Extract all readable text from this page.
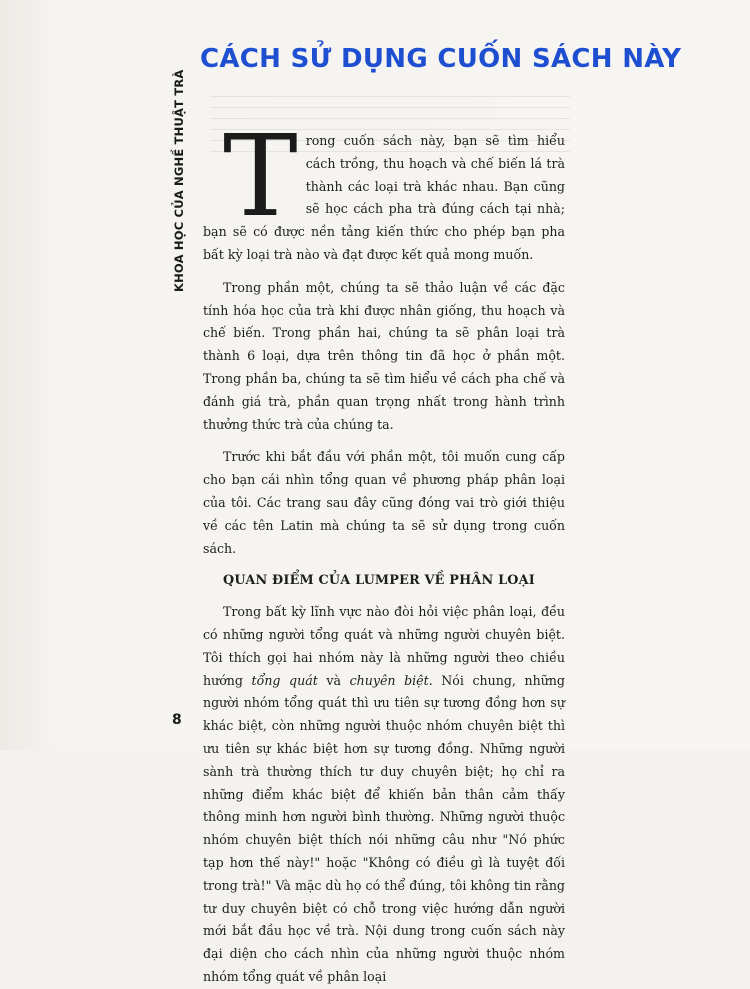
KHOA HỌC CỦA NGHỀ THUẬT TRÀ
CÁCH SỬ DỤNG CUỐN SÁCH NÀY
T rong cuốn sách này, bạn sẽ tìm hiểu cách trồng, thu hoạch và chế biến lá trà thành các loại trà khác nhau. Bạn cũng sẽ học cách pha trà đúng cách tại nhà; bạn sẽ có được nền tảng kiến thức cho phép bạn pha bất kỳ loại trà nào và đạt được kết quả mong muốn.

Trong phần một, chúng ta sẽ thảo luận về các đặc tính hóa học của trà khi được nhân giống, thu hoạch và chế biến. Trong phần hai, chúng ta sẽ phân loại trà thành 6 loại, dựa trên thông tin đã học ở phần một. Trong phần ba, chúng ta sẽ tìm hiểu về cách pha chế và đánh giá trà, phần quan trọng nhất trong hành trình thưởng thức trà của chúng ta.

Trước khi bắt đầu với phần một, tôi muốn cung cấp cho bạn cái nhìn tổng quan về phương pháp phân loại của tôi. Các trang sau đây cũng đóng vai trò giới thiệu về các tên Latin mà chúng ta sẽ sử dụng trong cuốn sách.

QUAN ĐIỂM CỦA LUMPER VỀ PHÂN LOẠI

Trong bất kỳ lĩnh vực nào đòi hỏi việc phân loại, đều có những người tổng quát và những người chuyên biệt. Tôi thích gọi hai nhóm này là những người theo chiều hướng tổng quát và chuyên biệt. Nói chung, những người nhóm tổng quát thì ưu tiên sự tương đồng hơn sự khác biệt, còn những người thuộc nhóm chuyên biệt thì ưu tiên sự khác biệt hơn sự tương đồng. Những người sành trà thường thích tư duy chuyên biệt; họ chỉ ra những điểm khác biệt để khiến bản thân cảm thấy thông minh hơn người bình thường. Những người thuộc nhóm chuyên biệt thích nói những câu như "Nó phức tạp hơn thế này!" hoặc "Không có điều gì là tuyệt đối trong trà!" Và mặc dù họ có thể đúng, tôi không tin rằng tư duy chuyên biệt có chỗ trong việc hướng dẫn người mới bắt đầu học về trà. Nội dung trong cuốn sách này đại diện cho cách nhìn của những người thuộc nhóm nhóm tổng quát về phân loại

8
